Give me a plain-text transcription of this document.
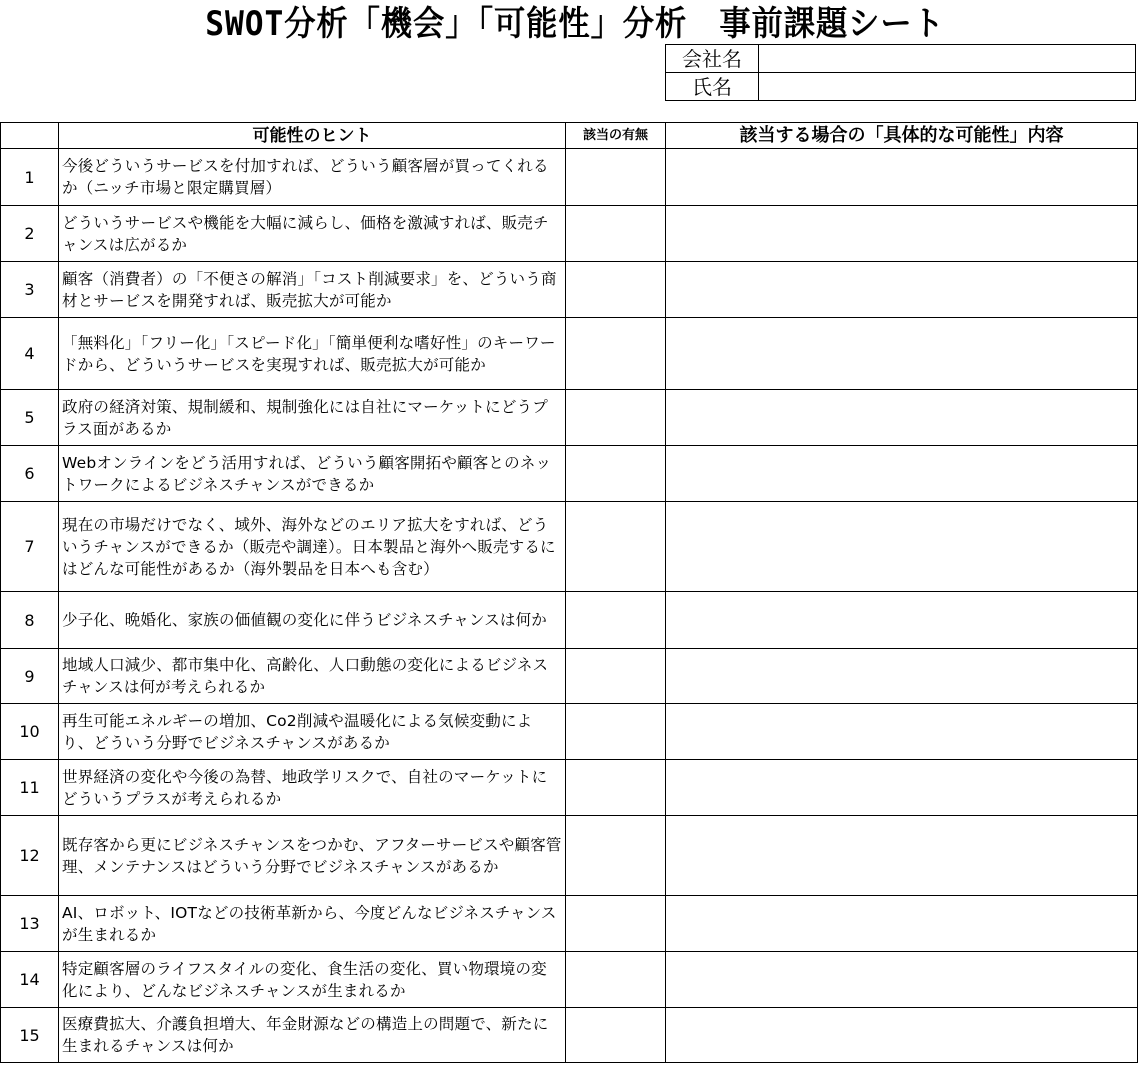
SWOT分析「機会」「可能性」分析　事前課題シート
会社名	
氏名	
	可能性のヒント	該当の有無	該当する場合の「具体的な可能性」内容
1	今後どういうサービスを付加すれば、どういう顧客層が買ってくれるか（ニッチ市場と限定購買層）		
2	どういうサービスや機能を大幅に減らし、価格を激減すれば、販売チャンスは広がるか		
3	顧客（消費者）の「不便さの解消」「コスト削減要求」を、どういう商材とサービスを開発すれば、販売拡大が可能か		
4	「無料化」「フリー化」「スピード化」「簡単便利な嗜好性」のキーワードから、どういうサービスを実現すれば、販売拡大が可能か		
5	政府の経済対策、規制緩和、規制強化には自社にマーケットにどうプラス面があるか		
6	Webオンラインをどう活用すれば、どういう顧客開拓や顧客とのネットワークによるビジネスチャンスができるか		
7	現在の市場だけでなく、域外、海外などのエリア拡大をすれば、どういうチャンスができるか（販売や調達）。日本製品と海外へ販売するにはどんな可能性があるか（海外製品を日本へも含む）		
8	少子化、晩婚化、家族の価値観の変化に伴うビジネスチャンスは何か		
9	地域人口減少、都市集中化、高齢化、人口動態の変化によるビジネスチャンスは何が考えられるか		
10	再生可能エネルギーの増加、Co2削減や温暖化による気候変動により、どういう分野でビジネスチャンスがあるか		
11	世界経済の変化や今後の為替、地政学リスクで、自社のマーケットにどういうプラスが考えられるか		
12	既存客から更にビジネスチャンスをつかむ、アフターサービスや顧客管理、メンテナンスはどういう分野でビジネスチャンスがあるか		
13	AI、ロボット、IOTなどの技術革新から、今度どんなビジネスチャンスが生まれるか		
14	特定顧客層のライフスタイルの変化、食生活の変化、買い物環境の変化により、どんなビジネスチャンスが生まれるか		
15	医療費拡大、介護負担増大、年金財源などの構造上の問題で、新たに生まれるチャンスは何か		
